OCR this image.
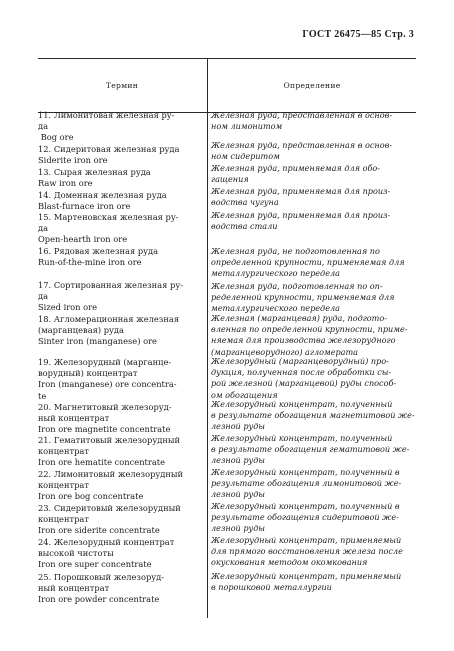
ГОСТ 26475—85 Стр. 3
Термин	Определение
11. Лимонитовая железная ру-
да
Bog ore
Железная руда, представленная в основ-
ном лимонитом
12. Сидеритовая железная руда
Siderite iron ore
Железная руда, представленная в основ-
ном сидеритом
13. Сырая железная руда
Raw iron ore
Железная руда, применяемая для обо-
гащения
14. Доменная железная руда
Blast-furnace iron ore
Железная руда, применяемая для произ-
водства чугуна
15. Мартеновская железная ру-
да
Open-hearth iron ore
Железная руда, применяемая для произ-
водства стали
16. Рядовая железная руда
Run-of-the-mine iron ore
Железная руда, не подготовленная по
определенной крупности, применяемая для
металлургического передела
17. Сортированная железная ру-
да
Sized iron ore
Железная руда, подготовленная по оп-
ределенной крупности, применяемая для
металлургического передела
18. Агломерационная железная
(марганцевая) руда
Sinter iron (manganese) ore
Железная (марганцевая) руда, подгото-
вленная по определенной крупности, приме-
няемая для производства железорудного
(марганцеворудного) агломерата
19. Железорудный (марганце-
ворудный) концентрат
Iron (manganese) ore concentra-
te
Железорудный (марганцеворудный) про-
дукция, полученная после обработки сы-
рой железной (марганцевой) руды способ-
ом обогащения
20. Магнетитовый железоруд-
ный концентрат
Iron ore magnetite concentrate
Железорудный концентрат, полученный
в результате обогащения магнетитовой же-
лезной руды
21. Гематитовый железорудный
концентрат
Iron ore hematite concentrate
Железорудный концентрат, полученный
в результате обогащения гематитовой же-
лезной руды
22. Лимонитовый железорудный
концентрат
Iron ore bog concentrate
Железорудный концентрат, полученный в
результате обогащения лимонитовой же-
лезной руды
23. Сидеритовый железорудный
концентрат
Iron ore siderite concentrate
Железорудный концентрат, полученный в
результате обогащения сидеритовой же-
лезной руды
24. Железорудный концентрат
высокой чистоты
Iron ore super concentrate
Железорудный концентрат, применяемый
для прямого восстановления железа после
окускования методом окомкования
25. Порошковый железоруд-
ный концентрат
Iron ore powder concentrate
Железорудный концентрат, применяемый
в порошковой металлургии
